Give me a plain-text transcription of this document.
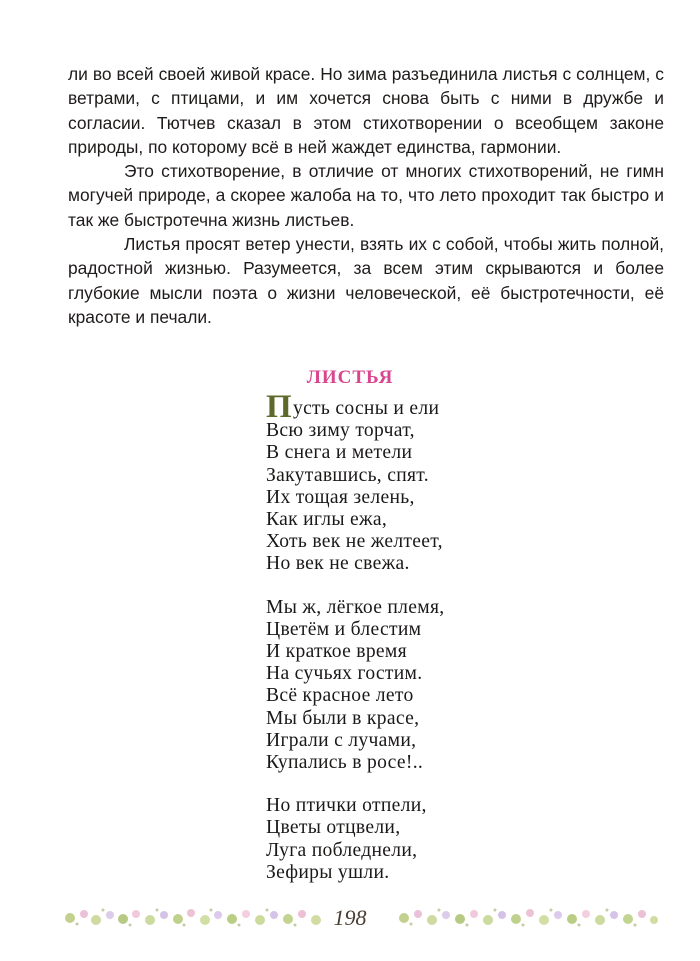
ли во всей своей живой красе. Но зима разъединила листья с солнцем, с ветрами, с птицами, и им хочется снова быть с ними в дружбе и согласии. Тютчев сказал в этом стихотворении о всеобщем законе природы, по которому всё в ней жаждет единства, гармонии.

Это стихотворение, в отличие от многих стихотворений, не гимн могучей природе, а скорее жалоба на то, что лето проходит так быстро и так же быстротечна жизнь листьев.

Листья просят ветер унести, взять их с собой, чтобы жить полной, радостной жизнью. Разумеется, за всем этим скрываются и более глубокие мысли поэта о жизни человеческой, её быстротечности, её красоте и печали.

ЛИСТЬЯ
Пусть сосны и ели
Всю зиму торчат,
В снега и метели
Закутавшись, спят.
Их тощая зелень,
Как иглы ежа,
Хоть век не желтеет,
Но век не свежа.
Мы ж, лёгкое племя,
Цветём и блестим
И краткое время
На сучьях гостим.
Всё красное лето
Мы были в красе,
Играли с лучами,
Купались в росе!..
Но птички отпели,
Цветы отцвели,
Луга побледнели,
Зефиры ушли.
198
